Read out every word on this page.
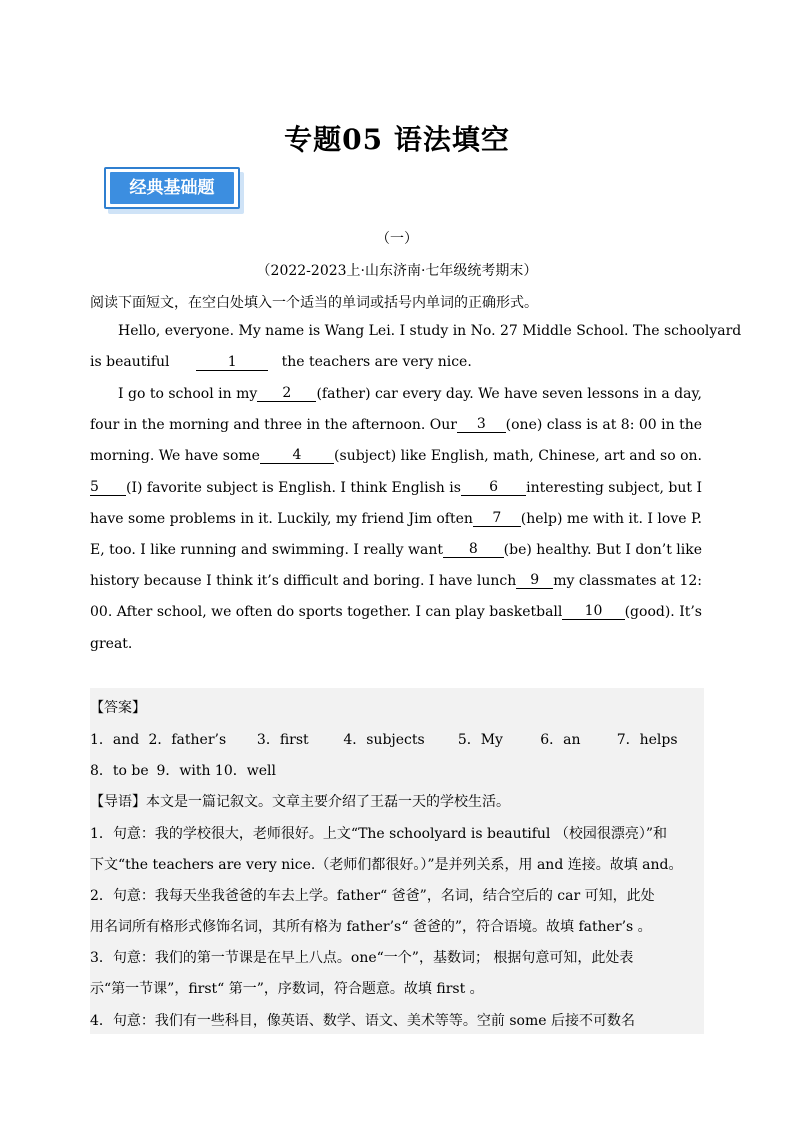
专题05 语法填空
经典基础题
（一）
（2022-2023上·山东济南·七年级统考期末）
阅读下面短文，在空白处填入一个适当的单词或括号内单词的正确形式。
Hello, everyone. My name is Wang Lei. I study in No. 27 Middle School. The schoolyard
is beautiful	1	the teachers are very nice.
I go to school in my	2	(father) car every day. We have seven lessons in a day,
four in the morning and three in the afternoon. Our	3	(one) class is at 8: 00 in the
morning. We have some	4	(subject) like English, math, Chinese, art and so on.
5	(I) favorite subject is English. I think English is	6	interesting subject, but I
have some problems in it. Luckily, my friend Jim often	7	(help) me with it. I love P.
E, too. I like running and swimming. I really want	8	(be) healthy. But I don’t like
history because I think it’s difficult and boring. I have lunch	9	my classmates at 12:
00. After school, we often do sports together. I can play basketball	10	(good). It’s
great.
【答案】
1．and 2．father’s 3．first 4．subjects 5．My	6．an	7．helps
8．to be 9．with 10．well
【导语】本文是一篇记叙文。文章主要介绍了王磊一天的学校生活。
1．句意：我的学校很大，老师很好。上文“The schoolyard is beautiful （校园很漂亮）”和
下文“the teachers are very nice.（老师们都很好。）”是并列关系，用 and 连接。故填 and。
2．句意：我每天坐我爸爸的车去上学。father“ 爸爸”，名词，结合空后的 car 可知，此处
用名词所有格形式修饰名词，其所有格为 father’s“ 爸爸的”，符合语境。故填 father’s 。
3．句意：我们的第一节课是在早上八点。one“一个”，基数词； 根据句意可知，此处表
示“第一节课”，first“ 第一”，序数词，符合题意。故填 first 。
4．句意：我们有一些科目，像英语、数学、语文、美术等等。空前 some 后接不可数名
